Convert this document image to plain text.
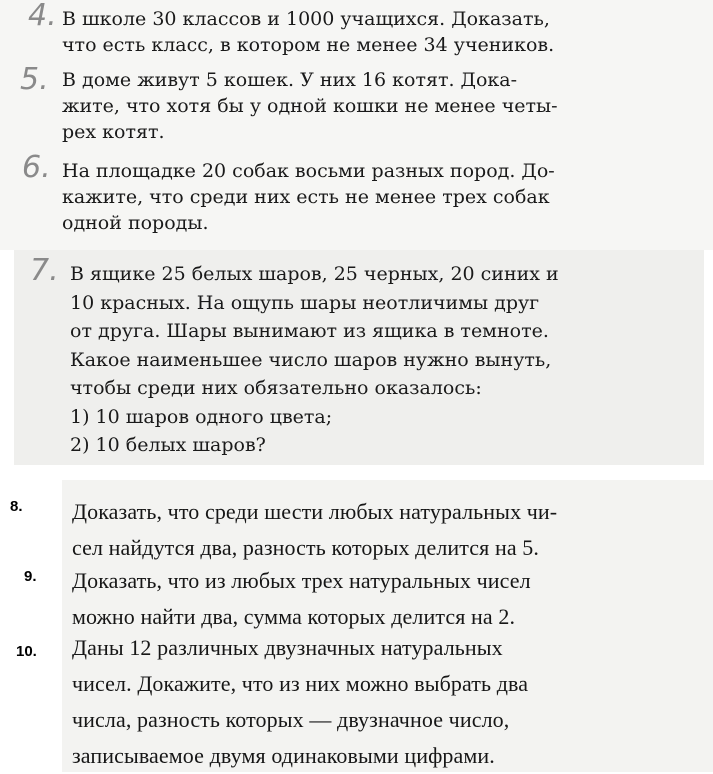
4. В школе 30 классов и 1000 учащихся. Доказать,
что есть класс, в котором не менее 34 учеников.
5. В доме живут 5 кошек. У них 16 котят. Дока-
жите, что хотя бы у одной кошки не менее четы-
рех котят.
6. На площадке 20 собак восьми разных пород. До-
кажите, что среди них есть не менее трех собак
одной породы.
7. В ящике 25 белых шаров, 25 черных, 20 синих и
10 красных. На ощупь шары неотличимы друг
от друга. Шары вынимают из ящика в темноте.
Какое наименьшее число шаров нужно вынуть,
чтобы среди них обязательно оказалось:
1) 10 шаров одного цвета;
2) 10 белых шаров?
8. Доказать, что среди шести любых натуральных чи-
сел найдутся два, разность которых делится на 5.
9. Доказать, что из любых трех натуральных чисел
можно найти два, сумма которых делится на 2.
10. Даны 12 различных двузначных натуральных
чисел. Докажите, что из них можно выбрать два
числа, разность которых — двузначное число,
записываемое двумя одинаковыми цифрами.
